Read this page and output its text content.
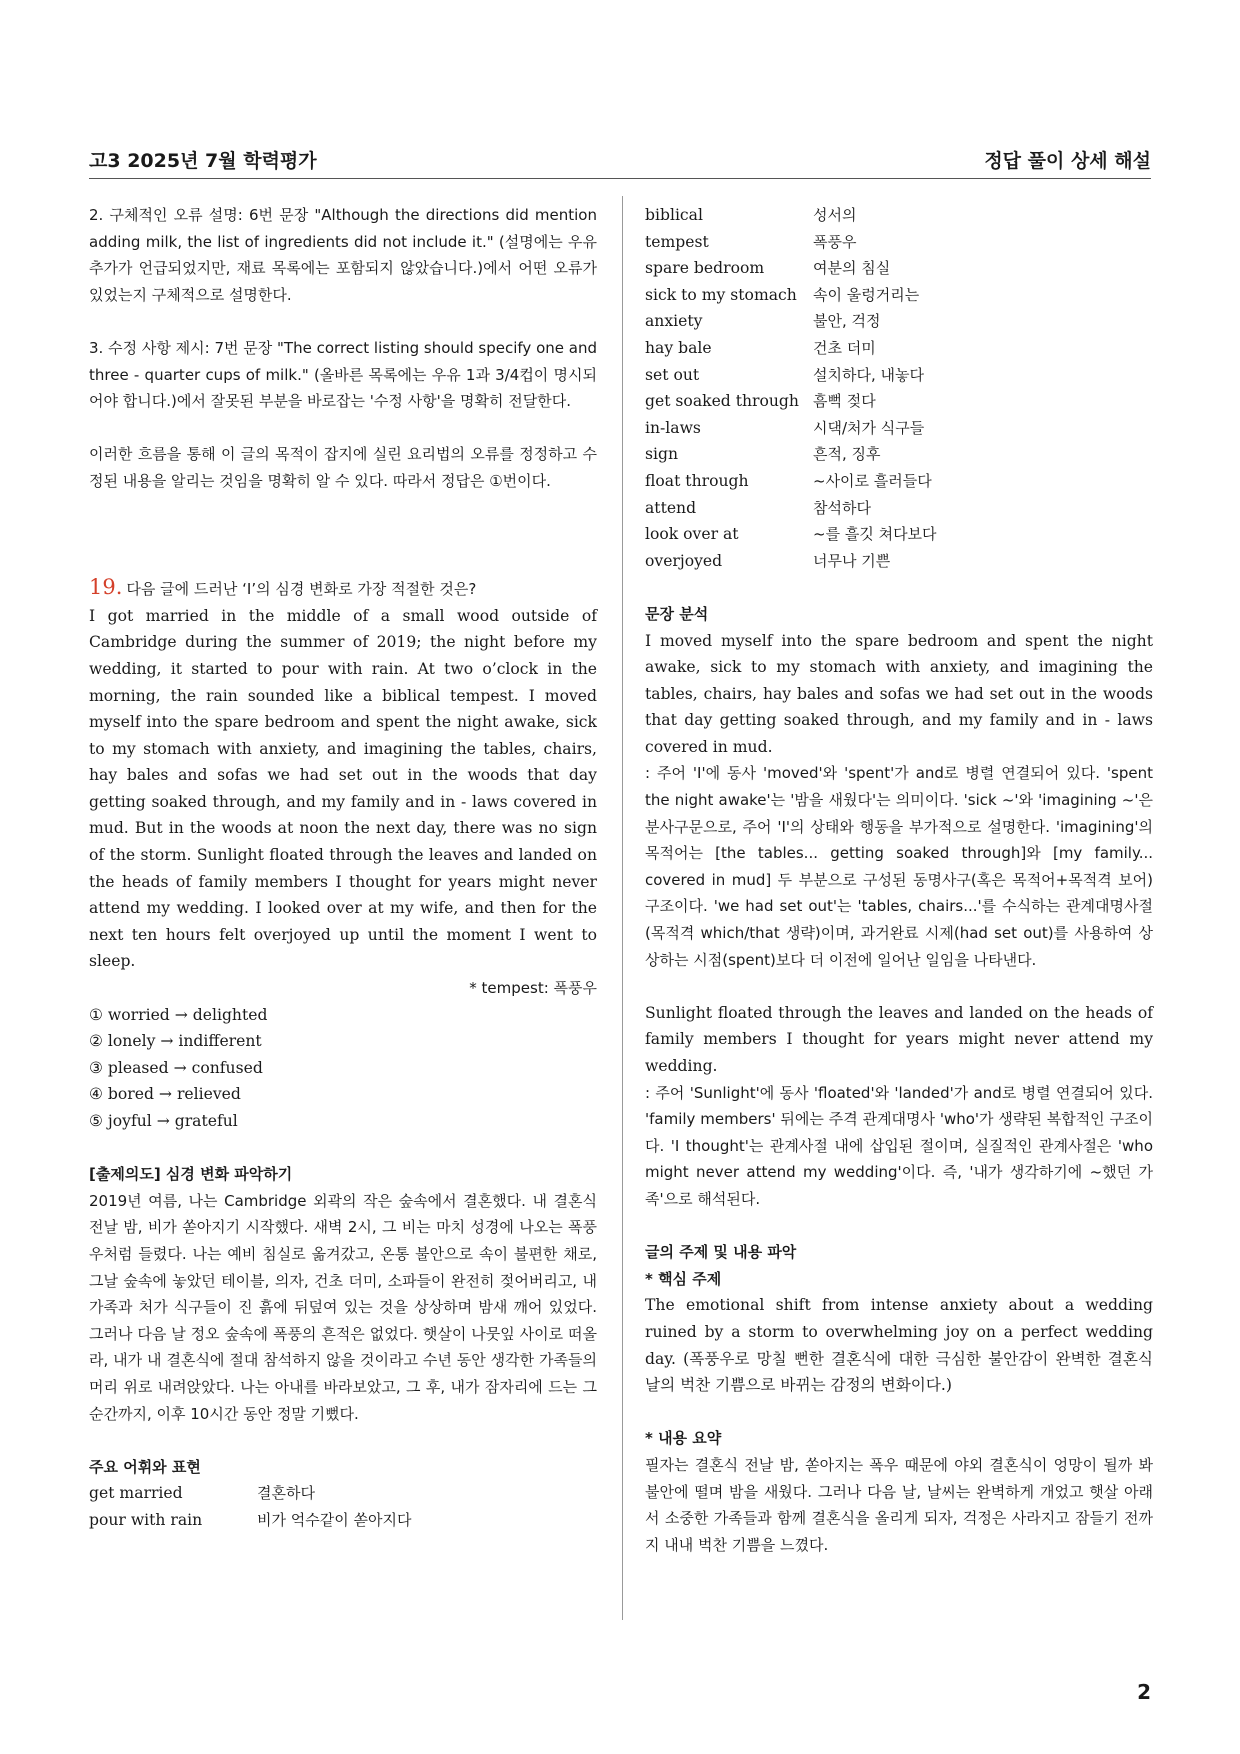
고3 2025년 7월 학력평가	정답 풀이 상세 해설

2. 구체적인 오류 설명: 6번 문장 "Although the directions did mention adding milk, the list of ingredients did not include it." (설명에는 우유 추가가 언급되었지만, 재료 목록에는 포함되지 않았습니다.)에서 어떤 오류가 있었는지 구체적으로 설명한다.

3. 수정 사항 제시: 7번 문장 "The correct listing should specify one and three - quarter cups of milk." (올바른 목록에는 우유 1과 3/4컵이 명시되어야 합니다.)에서 잘못된 부분을 바로잡는 '수정 사항'을 명확히 전달한다.

이러한 흐름을 통해 이 글의 목적이 잡지에 실린 요리법의 오류를 정정하고 수정된 내용을 알리는 것임을 명확히 알 수 있다. 따라서 정답은 ①번이다.

19. 다음 글에 드러난 ‘I’의 심경 변화로 가장 적절한 것은?

I got married in the middle of a small wood outside of Cambridge during the summer of 2019; the night before my wedding, it started to pour with rain. At two o’clock in the morning, the rain sounded like a biblical tempest. I moved myself into the spare bedroom and spent the night awake, sick to my stomach with anxiety, and imagining the tables, chairs, hay bales and sofas we had set out in the woods that day getting soaked through, and my family and in - laws covered in mud. But in the woods at noon the next day, there was no sign of the storm. Sunlight floated through the leaves and landed on the heads of family members I thought for years might never attend my wedding. I looked over at my wife, and then for the next ten hours felt overjoyed up until the moment I went to sleep.

* tempest: 폭풍우
① worried → delighted
② lonely → indifferent
③ pleased → confused
④ bored → relieved
⑤ joyful → grateful
[출제의도] 심경 변화 파악하기

2019년 여름, 나는 Cambridge 외곽의 작은 숲속에서 결혼했다. 내 결혼식 전날 밤, 비가 쏟아지기 시작했다. 새벽 2시, 그 비는 마치 성경에 나오는 폭풍우처럼 들렸다. 나는 예비 침실로 옮겨갔고, 온통 불안으로 속이 불편한 채로, 그날 숲속에 놓았던 테이블, 의자, 건초 더미, 소파들이 완전히 젖어버리고, 내 가족과 처가 식구들이 진 흙에 뒤덮여 있는 것을 상상하며 밤새 깨어 있었다. 그러나 다음 날 정오 숲속에 폭풍의 흔적은 없었다. 햇살이 나뭇잎 사이로 떠올라, 내가 내 결혼식에 절대 참석하지 않을 것이라고 수년 동안 생각한 가족들의 머리 위로 내려앉았다. 나는 아내를 바라보았고, 그 후, 내가 잠자리에 드는 그 순간까지, 이후 10시간 동안 정말 기뻤다.

주요 어휘와 표현
get married	결혼하다
pour with rain	비가 억수같이 쏟아지다
biblical	성서의
tempest	폭풍우
spare bedroom	여분의 침실
sick to my stomach	속이 울렁거리는
anxiety	불안, 걱정
hay bale	건초 더미
set out	설치하다, 내놓다
get soaked through 흠뻑 젖다
in-laws	시댁/처가 식구들
sign	흔적, 징후
float through	~사이로 흘러들다
attend	참석하다
look over at	~를 흘깃 쳐다보다
overjoyed	너무나 기쁜
문장 분석

I moved myself into the spare bedroom and spent the night awake, sick to my stomach with anxiety, and imagining the tables, chairs, hay bales and sofas we had set out in the woods that day getting soaked through, and my family and in - laws covered in mud.

: 주어 'I'에 동사 'moved'와 'spent'가 and로 병렬 연결되어 있다. 'spent the night awake'는 '밤을 새웠다'는 의미이다. 'sick ~'와 'imagining ~'은 분사구문으로, 주어 'I'의 상태와 행동을 부가적으로 설명한다. 'imagining'의 목적어는 [the tables... getting soaked through]와 [my family... covered in mud] 두 부분으로 구성된 동명사구(혹은 목적어+목적격 보어) 구조이다. 'we had set out'는 'tables, chairs...'를 수식하는 관계대명사절(목적격 which/that 생략)이며, 과거완료 시제(had set out)를 사용하여 상상하는 시점(spent)보다 더 이전에 일어난 일임을 나타낸다.

Sunlight floated through the leaves and landed on the heads of family members I thought for years might never attend my wedding.

: 주어 'Sunlight'에 동사 'floated'와 'landed'가 and로 병렬 연결되어 있다. 'family members' 뒤에는 주격 관계대명사 'who'가 생략된 복합적인 구조이다. 'I thought'는 관계사절 내에 삽입된 절이며, 실질적인 관계사절은 'who might never attend my wedding'이다. 즉, '내가 생각하기에 ~했던 가족'으로 해석된다.

글의 주제 및 내용 파악
* 핵심 주제

The emotional shift from intense anxiety about a wedding ruined by a storm to overwhelming joy on a perfect wedding day. (폭풍우로 망칠 뻔한 결혼식에 대한 극심한 불안감이 완벽한 결혼식 날의 벅찬 기쁨으로 바뀌는 감정의 변화이다.)

* 내용 요약

필자는 결혼식 전날 밤, 쏟아지는 폭우 때문에 야외 결혼식이 엉망이 될까 봐 불안에 떨며 밤을 새웠다. 그러나 다음 날, 날씨는 완벽하게 개었고 햇살 아래서 소중한 가족들과 함께 결혼식을 올리게 되자, 걱정은 사라지고 잠들기 전까지 내내 벅찬 기쁨을 느꼈다.

2
